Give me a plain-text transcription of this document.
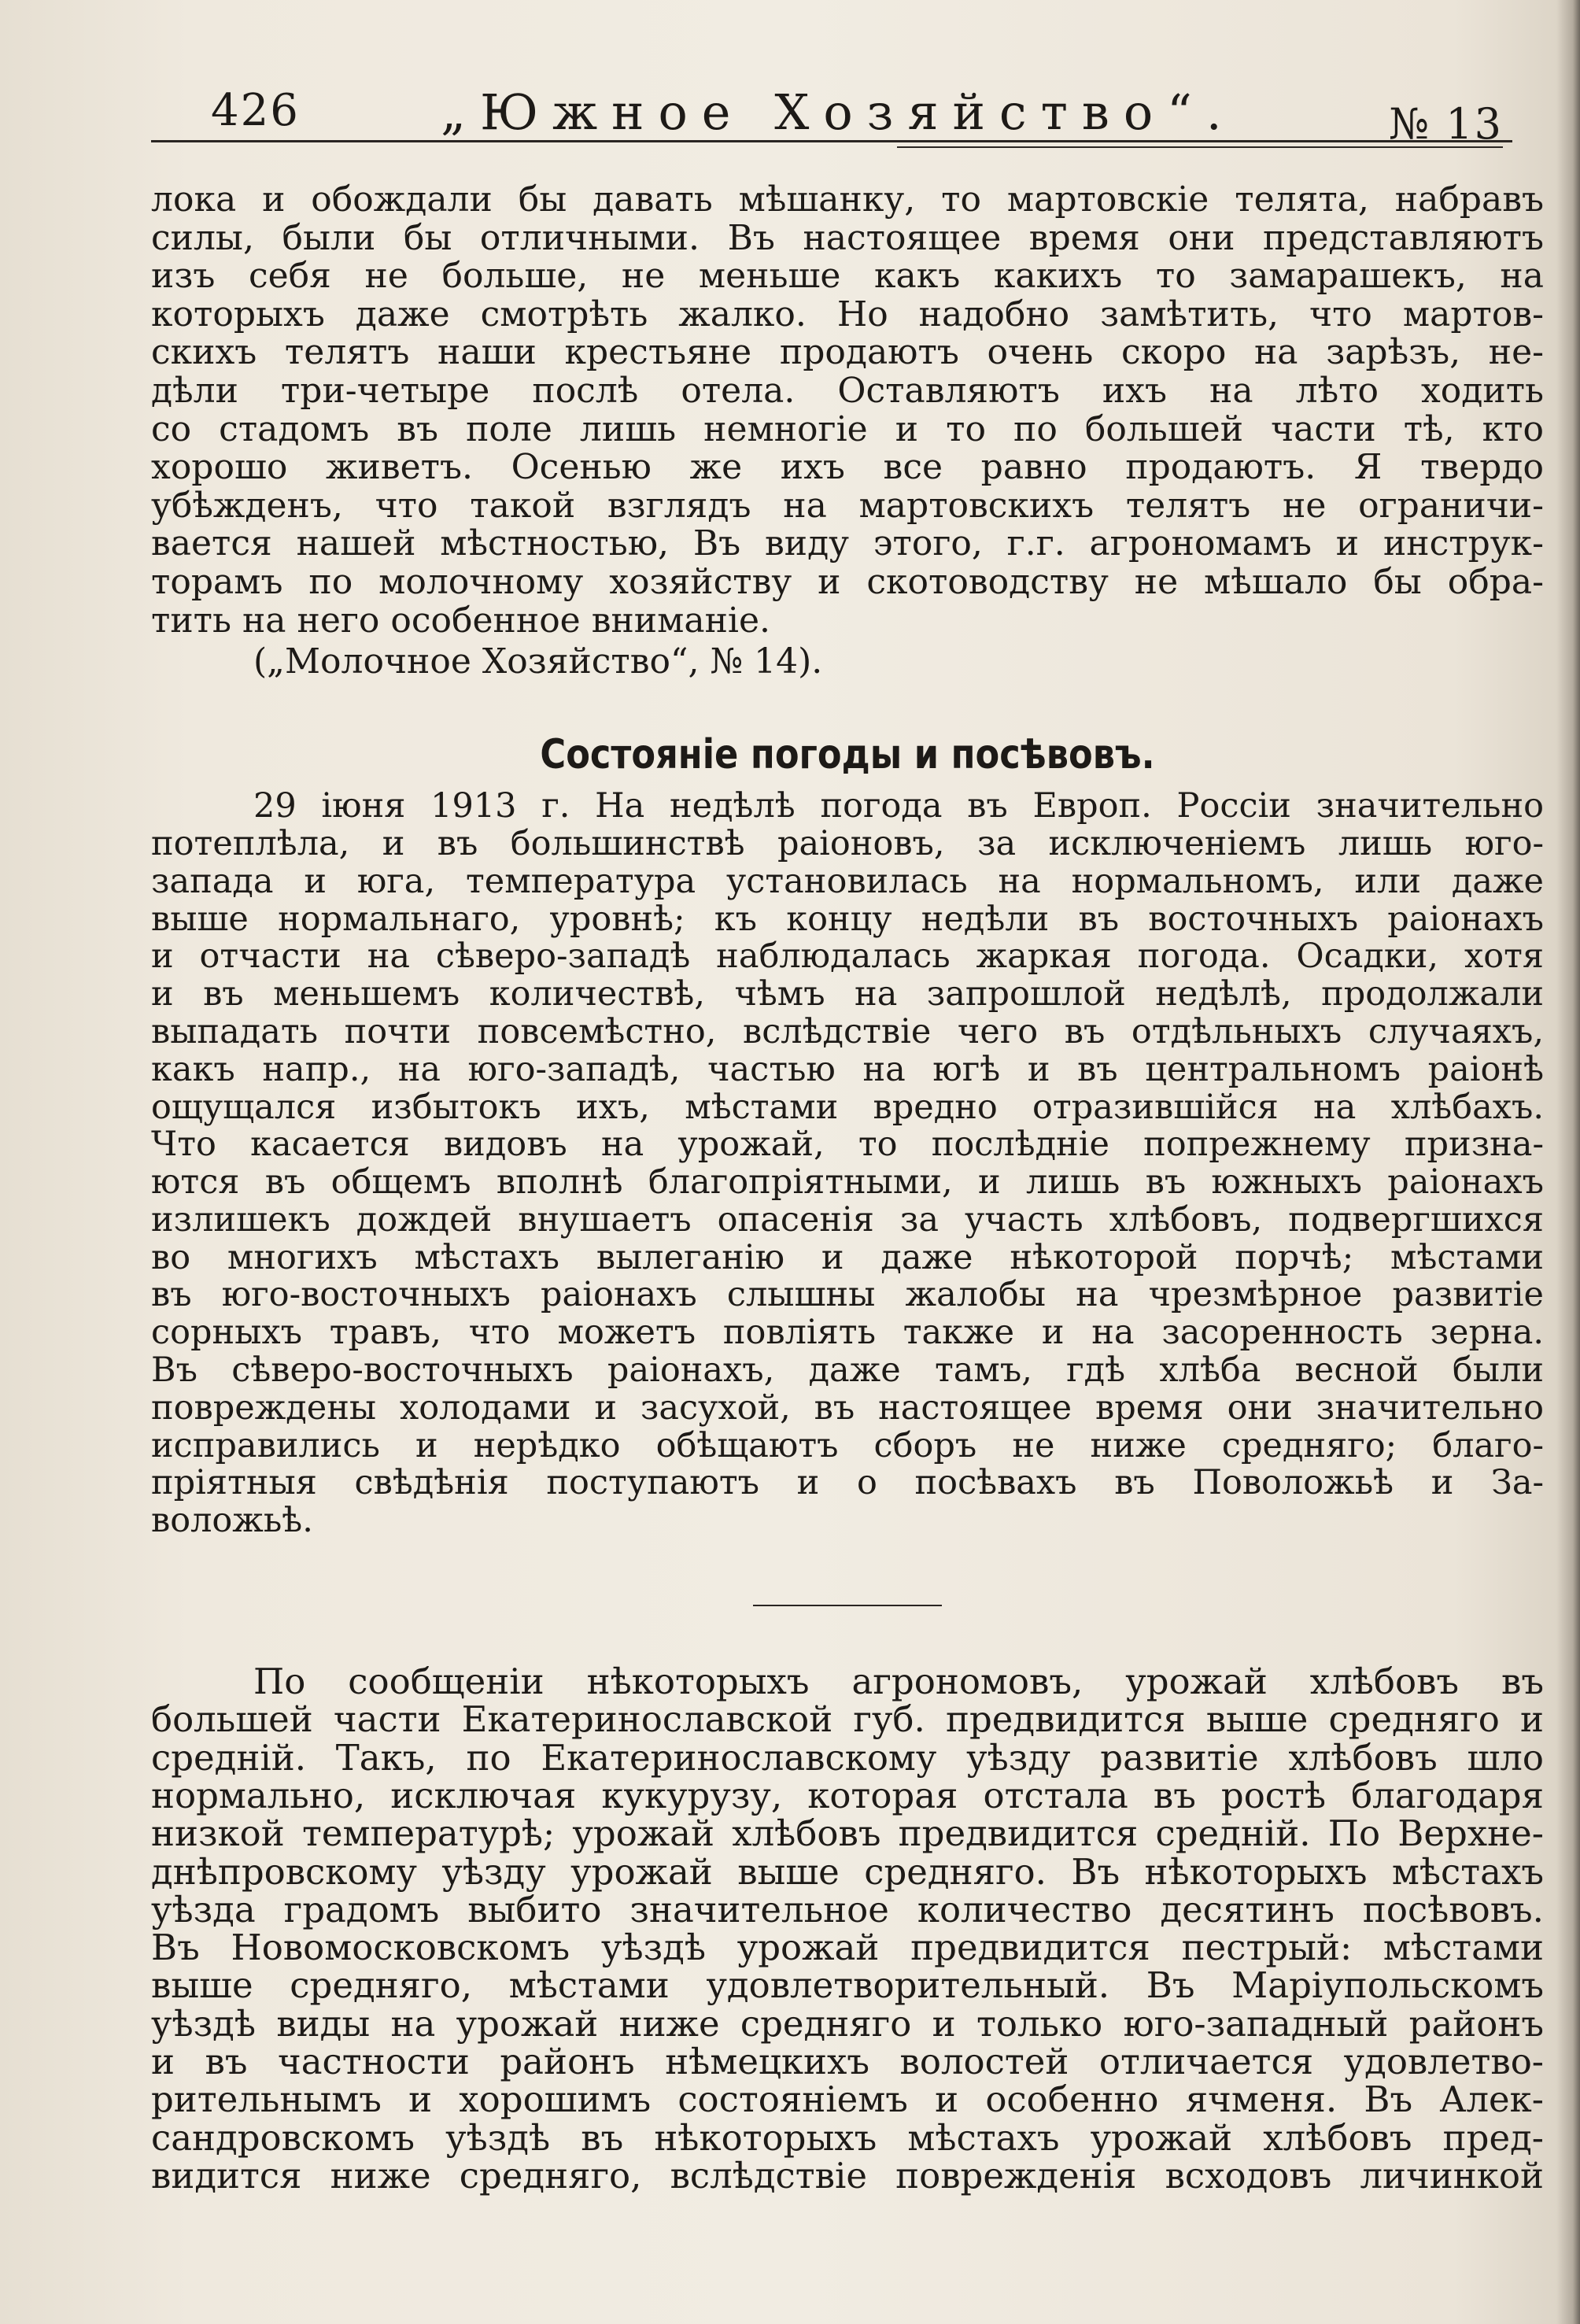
426	„Южное Хозяйство“.	№ 13
лока и обождали бы давать мѣшанку, то мартовскіе телята, набравъ
силы, были бы отличными. Въ настоящее время они представляютъ
изъ себя не больше, не меньше какъ какихъ то замарашекъ, на
которыхъ даже смотрѣть жалко. Но надобно замѣтить, что мартов-
скихъ телятъ наши крестьяне продаютъ очень скоро на зарѣзъ, не-
дѣли три-четыре послѣ отела. Оставляютъ ихъ на лѣто ходить
со стадомъ въ поле лишь немногіе и то по большей части тѣ, кто
хорошо живетъ. Осенью же ихъ все равно продаютъ. Я твердо
убѣжденъ, что такой взглядъ на мартовскихъ телятъ не ограничи-
вается нашей мѣстностью, Въ виду этого, г.г. агрономамъ и инструк-
торамъ по молочному хозяйству и скотоводству не мѣшало бы обра-
тить на него особенное вниманіе.
(„Молочное Хозяйство“, № 14).
Состояніе погоды и посѣвовъ.
29 іюня 1913 г. На недѣлѣ погода въ Европ. Россіи значительно
потеплѣла, и въ большинствѣ раіоновъ, за исключеніемъ лишь юго-
запада и юга, температура установилась на нормальномъ, или даже
выше нормальнаго, уровнѣ; къ концу недѣли въ восточныхъ раіонахъ
и отчасти на сѣверо-западѣ наблюдалась жаркая погода. Осадки, хотя
и въ меньшемъ количествѣ, чѣмъ на запрошлой недѣлѣ, продолжали
выпадать почти повсемѣстно, вслѣдствіе чего въ отдѣльныхъ случаяхъ,
какъ напр., на юго-западѣ, частью на югѣ и въ центральномъ раіонѣ
ощущался избытокъ ихъ, мѣстами вредно отразившійся на хлѣбахъ.
Что касается видовъ на урожай, то послѣдніе попрежнему призна-
ются въ общемъ вполнѣ благопріятными, и лишь въ южныхъ раіонахъ
излишекъ дождей внушаетъ опасенія за участь хлѣбовъ, подвергшихся
во многихъ мѣстахъ вылеганію и даже нѣкоторой порчѣ; мѣстами
въ юго-восточныхъ раіонахъ слышны жалобы на чрезмѣрное развитіе
сорныхъ травъ, что можетъ повліять также и на засоренность зерна.
Въ сѣверо-восточныхъ раіонахъ, даже тамъ, гдѣ хлѣба весной были
повреждены холодами и засухой, въ настоящее время они значительно
исправились и нерѣдко обѣщаютъ сборъ не ниже средняго; благо-
пріятныя свѣдѣнія поступаютъ и о посѣвахъ въ Поволожьѣ и За-
воложьѣ.
По сообщеніи нѣкоторыхъ агрономовъ, урожай хлѣбовъ въ
большей части Екатеринославской губ. предвидится выше средняго и
средній. Такъ, по Екатеринославскому уѣзду развитіе хлѣбовъ шло
нормально, исключая кукурузу, которая отстала въ ростѣ благодаря
низкой температурѣ; урожай хлѣбовъ предвидится средній. По Верхне-
днѣпровскому уѣзду урожай выше средняго. Въ нѣкоторыхъ мѣстахъ
уѣзда градомъ выбито значительное количество десятинъ посѣвовъ.
Въ Новомосковскомъ уѣздѣ урожай предвидится пестрый: мѣстами
выше средняго, мѣстами удовлетворительный. Въ Маріупольскомъ
уѣздѣ виды на урожай ниже средняго и только юго-западный районъ
и въ частности районъ нѣмецкихъ волостей отличается удовлетво-
рительнымъ и хорошимъ состояніемъ и особенно ячменя. Въ Алек-
сандровскомъ уѣздѣ въ нѣкоторыхъ мѣстахъ урожай хлѣбовъ пред-
видится ниже средняго, вслѣдствіе поврежденія всходовъ личинкой
